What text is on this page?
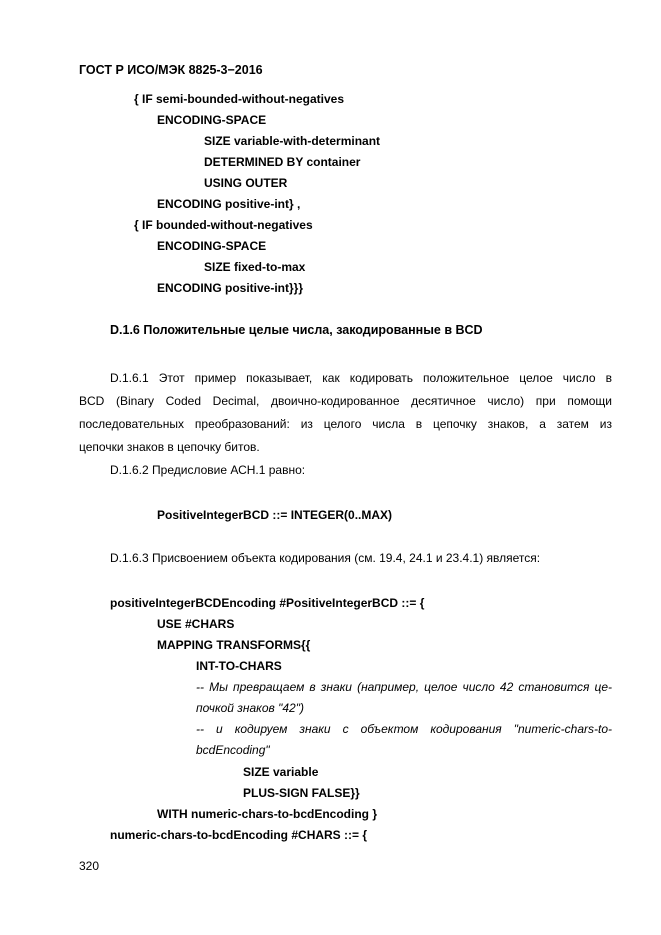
ГОСТ Р ИСО/МЭК 8825-3−2016
{ IF semi-bounded-without-negatives
ENCODING-SPACE
SIZE variable-with-determinant
DETERMINED BY container
USING OUTER
ENCODING positive-int} ,
{ IF bounded-without-negatives
ENCODING-SPACE
SIZE fixed-to-max
ENCODING positive-int}}}
D.1.6 Положительные целые числа, закодированные в BCD
D.1.6.1 Этот пример показывает, как кодировать положительное целое число в
BCD (Binary Coded Decimal, двоично-кодированное десятичное число) при помощи
последовательных преобразований: из целого числа в цепочку знаков, а затем из
цепочки знаков в цепочку битов.
D.1.6.2 Предисловие АСН.1 равно:
PositiveIntegerBCD ::= INTEGER(0..MAX)
D.1.6.3 Присвоением объекта кодирования (см. 19.4, 24.1 и 23.4.1) является:
positiveIntegerBCDEncoding #PositiveIntegerBCD ::= {
USE #CHARS
MAPPING TRANSFORMS{{
INT-TO-CHARS
-- Мы превращаем в знаки (например, целое число 42 становится це-
почкой знаков "42")
-- и кодируем знаки с объектом кодирования "numeric-chars-to-
bcdEncoding"
SIZE variable
PLUS-SIGN FALSE}}
WITH numeric-chars-to-bcdEncoding }
numeric-chars-to-bcdEncoding #CHARS ::= {
320
